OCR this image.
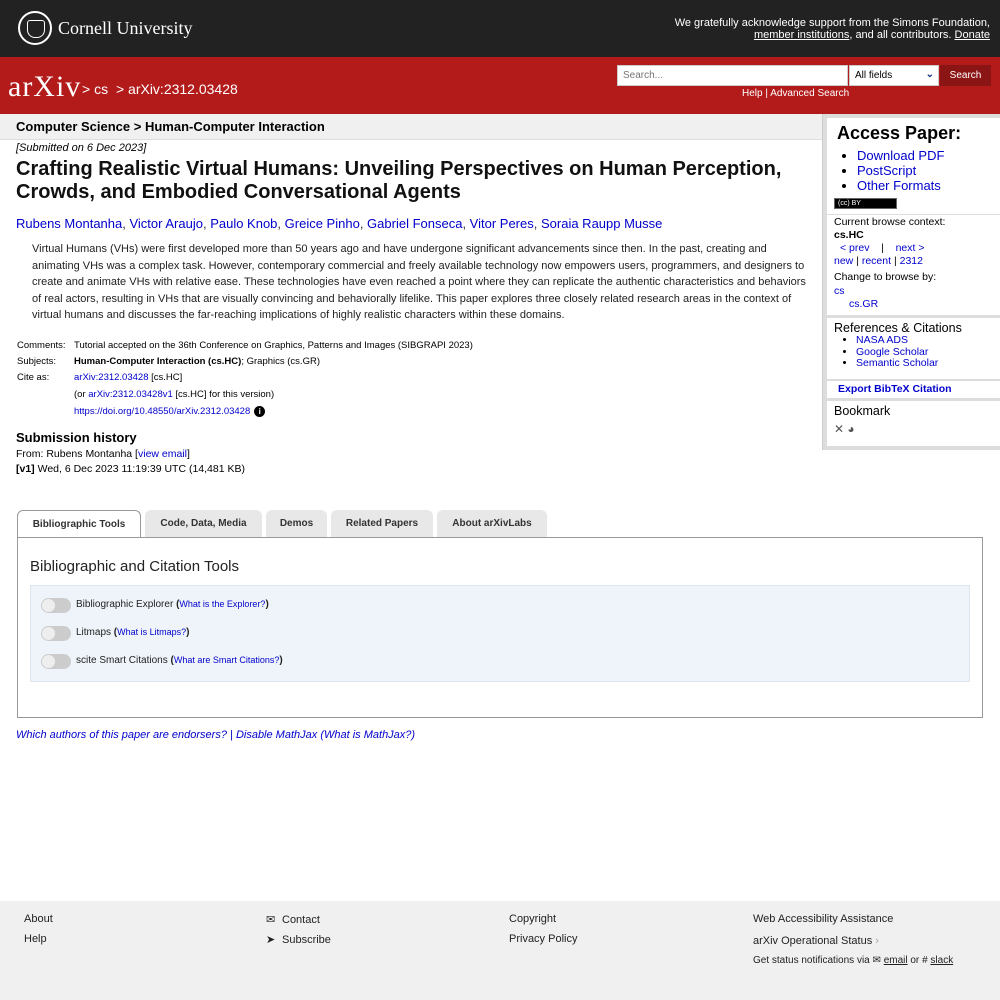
Cornell University	We gratefully acknowledge support from the Simons Foundation,
member institutions, and all contributors. Donate
arXiv > cs > arXiv:2312.03428
Search...
All fields	⌄	Search
Help | Advanced Search
Computer Science > Human-Computer Interaction
[Submitted on 6 Dec 2023]
Crafting Realistic Virtual Humans: Unveiling Perspectives on Human Perception, Crowds, and Embodied Conversational Agents
Rubens Montanha, Victor Araujo, Paulo Knob, Greice Pinho, Gabriel Fonseca, Vitor Peres, Soraia Raupp Musse

Virtual Humans (VHs) were first developed more than 50 years ago and have undergone significant advancements since then. In the past, creating and animating VHs was a complex task. However, contemporary commercial and freely available technology now empowers users, programmers, and designers to create and animate VHs with relative ease. These technologies have even reached a point where they can replicate the authentic characteristics and behaviors of real actors, resulting in VHs that are visually convincing and behaviorally lifelike. This paper explores three closely related research areas in the context of virtual humans and discusses the far-reaching implications of highly realistic characters within these domains.

Comments:	Tutorial accepted on the 36th Conference on Graphics, Patterns and Images (SIBGRAPI 2023)
Subjects:	Human-Computer Interaction (cs.HC); Graphics (cs.GR)
Cite as:	arXiv:2312.03428 [cs.HC]
(or arXiv:2312.03428v1 [cs.HC] for this version)
https://doi.org/10.48550/arXiv.2312.03428 i
Submission history
From: Rubens Montanha [view email]
[v1] Wed, 6 Dec 2023 11:19:39 UTC (14,481 KB)
Bibliographic Tools	Code, Data, Media	Demos	Related Papers	About arXivLabs
Bibliographic and Citation Tools
Bibliographic Explorer (What is the Explorer?)
Litmaps (What is Litmaps?)
scite Smart Citations (What are Smart Citations?)
Which authors of this paper are endorsers? | Disable MathJax (What is MathJax?)
Access Paper:
• Download PDF
• PostScript
• Other Formats
(cc) BY
Current browse context:
cs.HC
< prev | next >
new | recent | 2312
Change to browse by:
cs
cs.GR
References & Citations
• NASA ADS
• Google Scholar
• Semantic Scholar
Export BibTeX Citation
Bookmark
✕ ◕
About
Help
✉ Contact
➤ Subscribe
Copyright
Privacy Policy
Web Accessibility Assistance
arXiv Operational Status ›
Get status notifications via ✉ email or # slack
